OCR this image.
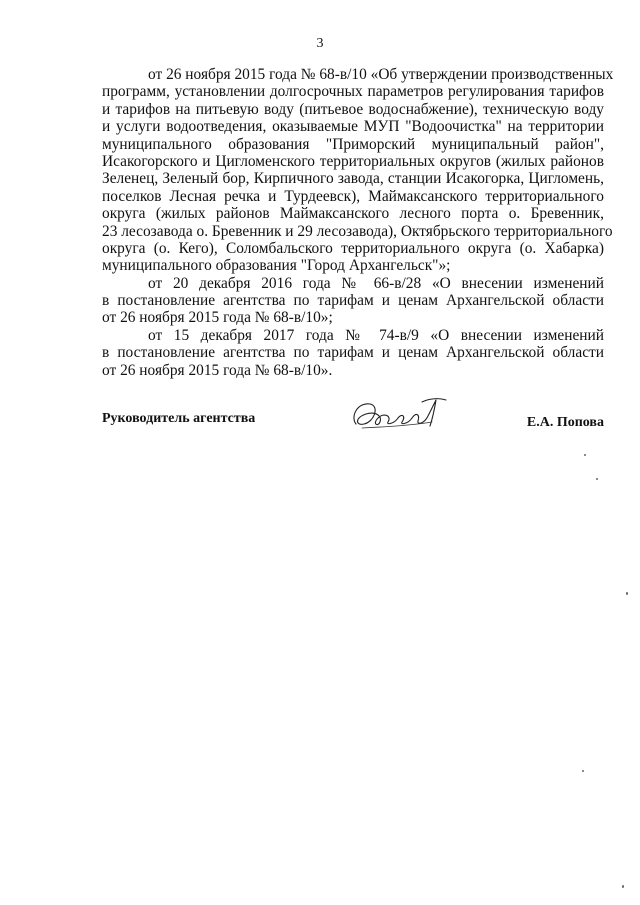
3
от 26 ноября 2015 года № 68-в/10 «Об утверждении производственных
программ, установлении долгосрочных параметров регулирования тарифов
и тарифов на питьевую воду (питьевое водоснабжение), техническую воду
и услуги водоотведения, оказываемые МУП "Водоочистка" на территории
муниципального образования "Приморский муниципальный район",
Исакогорского и Цигломенского территориальных округов (жилых районов
Зеленец, Зеленый бор, Кирпичного завода, станции Исакогорка, Цигломень,
поселков Лесная речка и Турдеевск), Маймаксанского территориального
округа (жилых районов Маймаксанского лесного порта о. Бревенник,
23 лесозавода о. Бревенник и 29 лесозавода), Октябрьского территориального
округа (о. Кего), Соломбальского территориального округа (о. Хабарка)
муниципального образования "Город Архангельск"»;
от 20 декабря 2016 года № 66-в/28 «О внесении изменений
в постановление агентства по тарифам и ценам Архангельской области
от 26 ноября 2015 года № 68-в/10»;
от 15 декабря 2017 года № 74-в/9 «О внесении изменений
в постановление агентства по тарифам и ценам Архангельской области
от 26 ноября 2015 года № 68-в/10».
Руководитель агентства	Е.А. Попова
